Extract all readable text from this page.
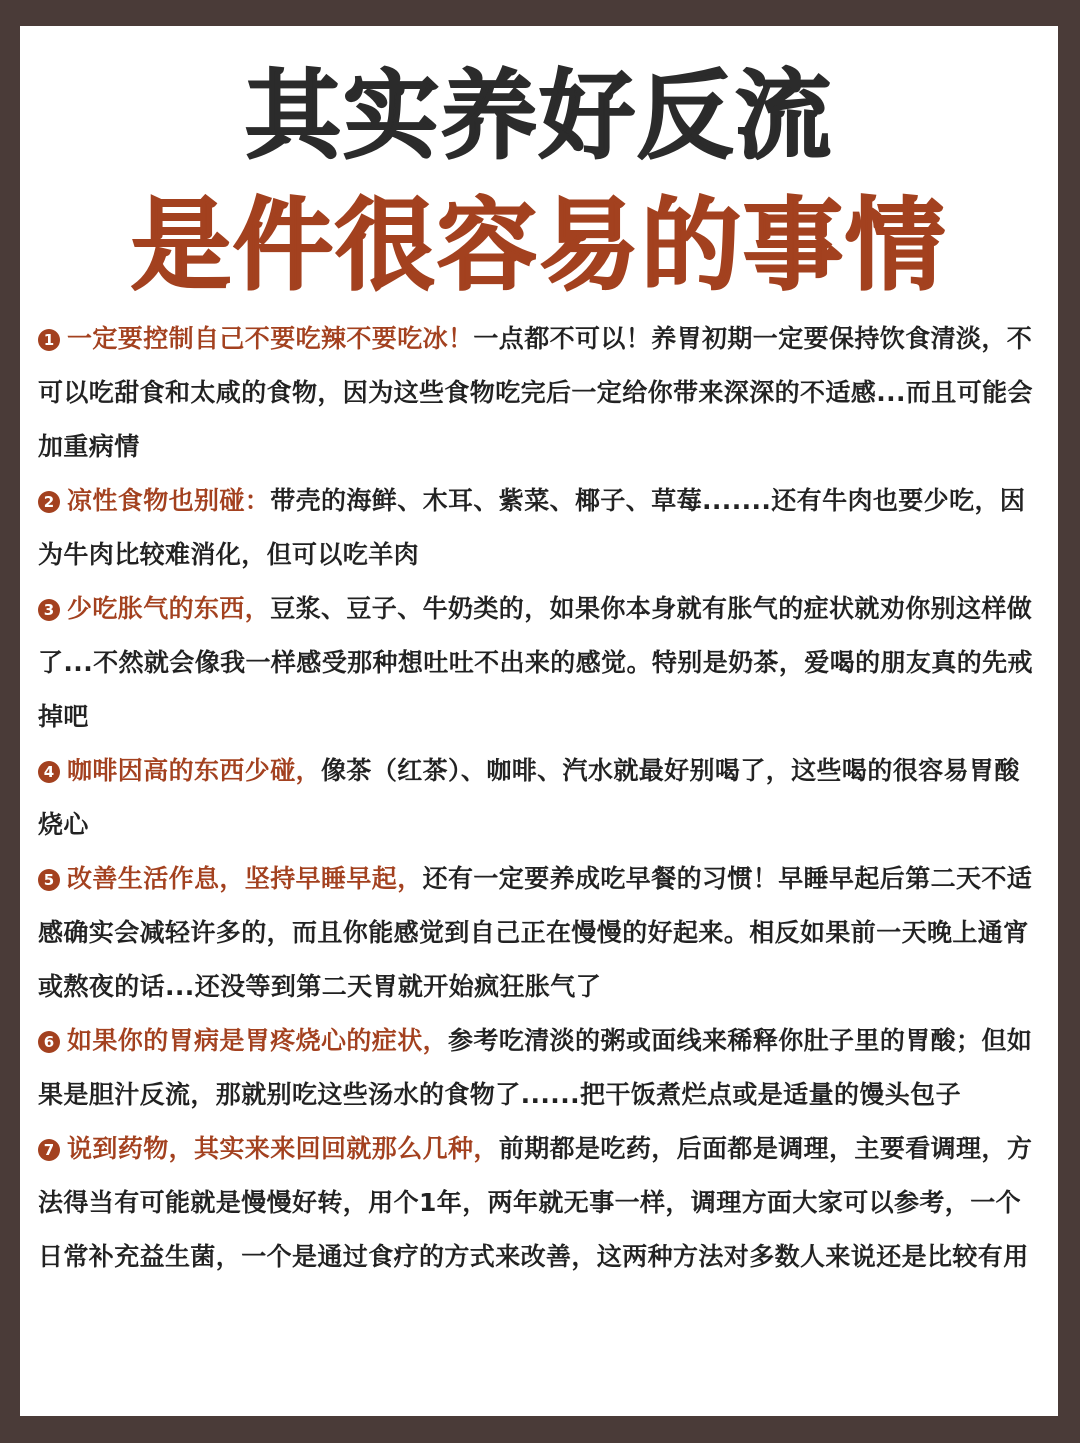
其实养好反流
是件很容易的事情

1 一定要控制自己不要吃辣不要吃冰！一点都不可以！养胃初期一定要保持饮食清淡，不可以吃甜食和太咸的食物，因为这些食物吃完后一定给你带来深深的不适感...而且可能会加重病情

2 凉性食物也别碰：带壳的海鲜、木耳、紫菜、椰子、草莓.......还有牛肉也要少吃，因为牛肉比较难消化，但可以吃羊肉

3 少吃胀气的东西，豆浆、豆子、牛奶类的，如果你本身就有胀气的症状就劝你别这样做了...不然就会像我一样感受那种想吐吐不出来的感觉。特别是奶茶，爱喝的朋友真的先戒掉吧

4 咖啡因高的东西少碰，像茶（红茶）、咖啡、汽水就最好别喝了，这些喝的很容易胃酸烧心

5 改善生活作息，坚持早睡早起，还有一定要养成吃早餐的习惯！早睡早起后第二天不适感确实会减轻许多的，而且你能感觉到自己正在慢慢的好起来。相反如果前一天晚上通宵或熬夜的话...还没等到第二天胃就开始疯狂胀气了

6 如果你的胃病是胃疼烧心的症状，参考吃清淡的粥或面线来稀释你肚子里的胃酸；但如果是胆汁反流，那就别吃这些汤水的食物了......把干饭煮烂点或是适量的馒头包子

7 说到药物，其实来来回回就那么几种，前期都是吃药，后面都是调理，主要看调理，方法得当有可能就是慢慢好转，用个1年，两年就无事一样，调理方面大家可以参考，一个日常补充益生菌，一个是通过食疗的方式来改善，这两种方法对多数人来说还是比较有用
